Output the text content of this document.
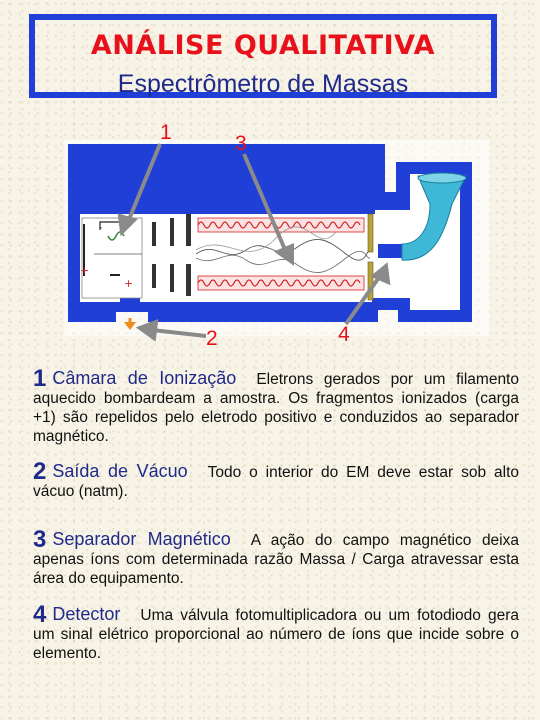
ANÁLISE QUALITATIVA
Espectrômetro de Massas
-
+
+
1	3
2	4

1 Câmara de Ionização Eletrons gerados por um filamento aquecido bombardeam a amostra. Os fragmentos ionizados (carga +1) são repelidos pelo eletrodo positivo e conduzidos ao separador magnético.

2 Saída de Vácuo Todo o interior do EM deve estar sob alto vácuo (natm).

3 Separador Magnético A ação do campo magnético deixa apenas íons com determinada razão Massa / Carga atravessar esta área do equipamento.

4 Detector Uma válvula fotomultiplicadora ou um fotodiodo gera um sinal elétrico proporcional ao número de íons que incide sobre o elemento.
